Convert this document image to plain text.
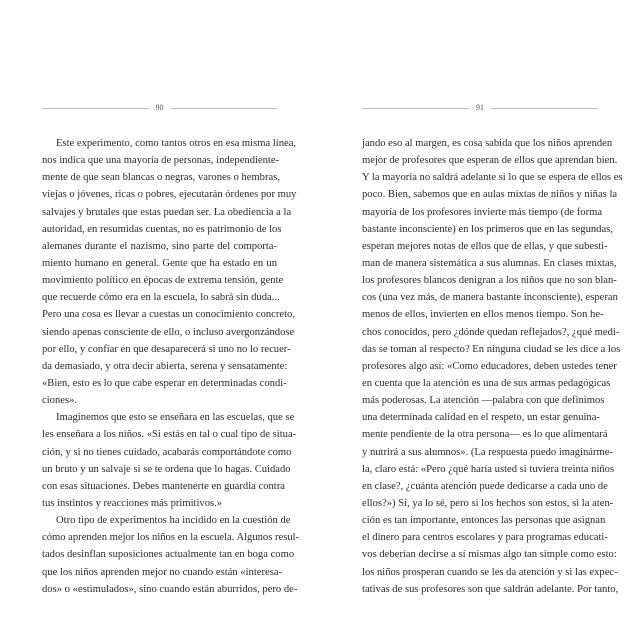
90
Este experimento, como tantos otros en esa misma línea,
nos indica que una mayoría de personas, independiente-
mente de que sean blancas o negras, varones o hembras,
viejas o jóvenes, ricas o pobres, ejecutarán órdenes por muy
salvajes y brutales que estas puedan ser. La obediencia a la
autoridad, en resumidas cuentas, no es patrimonio de los
alemanes durante el nazismo, sino parte del comporta-
miento humano en general. Gente que ha estado en un
movimiento político en épocas de extrema tensión, gente
que recuerde cómo era en la escuela, lo sabrá sin duda...
Pero una cosa es llevar a cuestas un conocimiento concreto,
siendo apenas consciente de ello, o incluso avergonzándose
por ello, y confiar en que desaparecerá si uno no lo recuer-
da demasiado, y otra decir abierta, serena y sensatamente:
«Bien, esto es lo que cabe esperar en determinadas condi-
ciones».
Imaginemos que esto se enseñara en las escuelas, que se
les enseñara a los niños. «Si estás en tal o cual tipo de situa-
ción, y si no tienes cuidado, acabarás comportándote como
un bruto y un salvaje si se te ordena que lo hagas. Cuidado
con esas situaciones. Debes mantenerte en guardia contra
tus instintos y reacciones más primitivos.»
Otro tipo de experimentos ha incidido en la cuestión de
cómo aprenden mejor los niños en la escuela. Algunos resul-
tados desinflan suposiciones actualmente tan en boga como
que los niños aprenden mejor no cuando están «interesa-
dos» o «estimulados», sino cuando están aburridos, pero de-
91
jando eso al margen, es cosa sabida que los niños aprenden
mejor de profesores que esperan de ellos que aprendan bien.
Y la mayoría no saldrá adelante si lo que se espera de ellos es
poco. Bien, sabemos que en aulas mixtas de niños y niñas la
mayoría de los profesores invierte más tiempo (de forma
bastante inconsciente) en los primeros que en las segundas,
esperan mejores notas de ellos que de ellas, y que subesti-
man de manera sistemática a sus alumnas. En clases mixtas,
los profesores blancos denigran a los niños que no son blan-
cos (una vez más, de manera bastante inconsciente), esperan
menos de ellos, invierten en ellos menos tiempo. Son he-
chos conocidos, pero ¿dónde quedan reflejados?, ¿qué medi-
das se toman al respecto? En ninguna ciudad se les dice a los
profesores algo así: «Como educadores, deben ustedes tener
en cuenta que la atención es una de sus armas pedagógicas
más poderosas. La atención —palabra con que definimos
una determinada calidad en el respeto, un estar genuina-
mente pendiente de la otra persona— es lo que alimentará
y nutrirá a sus alumnos». (La respuesta puedo imaginárme-
la, claro está: «Pero ¿qué haría usted si tuviera treinta niños
en clase?, ¿cuánta atención puede dedicarse a cada uno de
ellos?») Sí, ya lo sé, pero si los hechos son estos, si la aten-
ción es tan importante, entonces las personas que asignan
el dinero para centros escolares y para programas educati-
vos deberían decirse a sí mismas algo tan simple como esto:
los niños prosperan cuando se les da atención y si las expec-
tativas de sus profesores son que saldrán adelante. Por tanto,
